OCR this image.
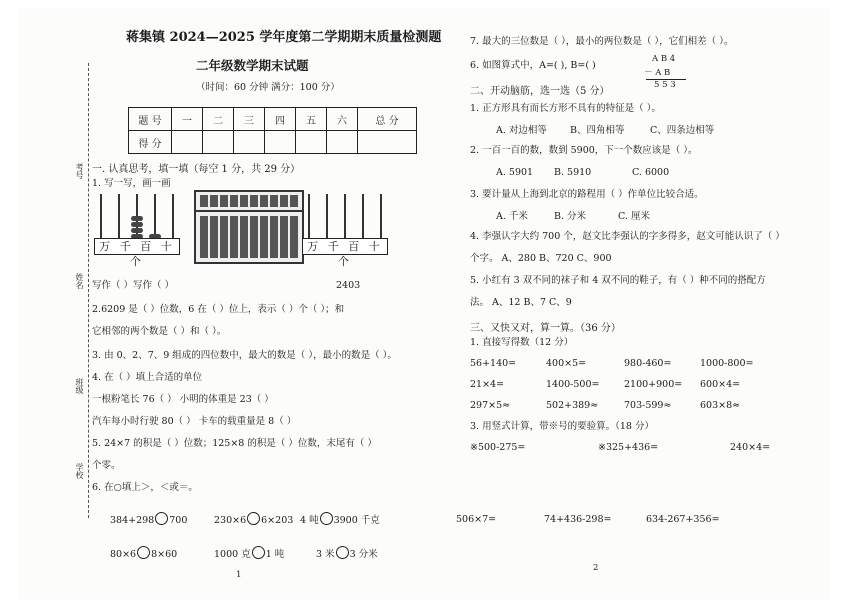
考号
姓名
班级
学校
蒋集镇 2024—2025 学年度第二学期期末质量检测题
二年级数学期末试题
（时间：60 分钟 满分：100 分）
题 号	一	二	三	四	五	六	总 分
得 分							
一. 认真思考，填一填（每空 1 分，共 29 分）
1. 写一写，画一画
万 千 百 十 个
万 千 百 十 个
写作（ ）写作（ ）	2403
2.6209 是（ ）位数，6 在（ ）位上，表示（ ）个（ ）；和
它相邻的两个数是（ ）和（ ）。
3. 由 0、2、7、9 组成的四位数中，最大的数是（ ），最小的数是（ ）。
4. 在（ ）填上合适的单位
一根粉笔长 76（ ） 小明的体重是 23（ ）
汽车每小时行驶 80（ ） 卡车的载重量是 8（ ）
5. 24×7 的积是（ ）位数；125×8 的积是（ ）位数，末尾有（ ）
个零。
6. 在○填上＞，＜或＝。
384+298 700	230×6 6×203 4 吨 3900 千克
80×6 8×60	1000 克 1 吨	3 米 3 分米
1
7. 最大的三位数是（ ），最小的两位数是（ ），它们相差（ ）。
6. 如图算式中，A=( ), B=( )
A B 4
－ A B
5 5 3
二、开动脑筋，选一选（5 分）
1. 正方形具有而长方形不具有的特征是（ ）。
A. 对边相等 B、四角相等	C、四条边相等
2. 一百一百的数，数到 5900，下一个数应该是（ ）。
A. 5901 B. 5910	C. 6000
3. 要计量从上海到北京的路程用（ ）作单位比较合适。
A. 千米	B. 分米	C. 厘米
4. 李强认字大约 700 个，赵文比李强认的字多得多，赵文可能认识了（ ）
个字。 A、280 B、720 C、900
5. 小红有 3 双不同的袜子和 4 双不同的鞋子，有（ ）种不同的搭配方
法。 A、12 B、7 C、9
三、又快又对，算一算。（36 分）
1. 直接写得数（12 分）
56+140=	400×5=	980-460=	1000-800=
21×4=	1400-500=	2100+900= 600×4=
297×5≈	502+389≈	703-599≈	603×8≈
3. 用竖式计算，带※号的要验算。（18 分）
※500-275=	※325+436=	240×4=
506×7=	74+436-298=	634-267+356=
2
